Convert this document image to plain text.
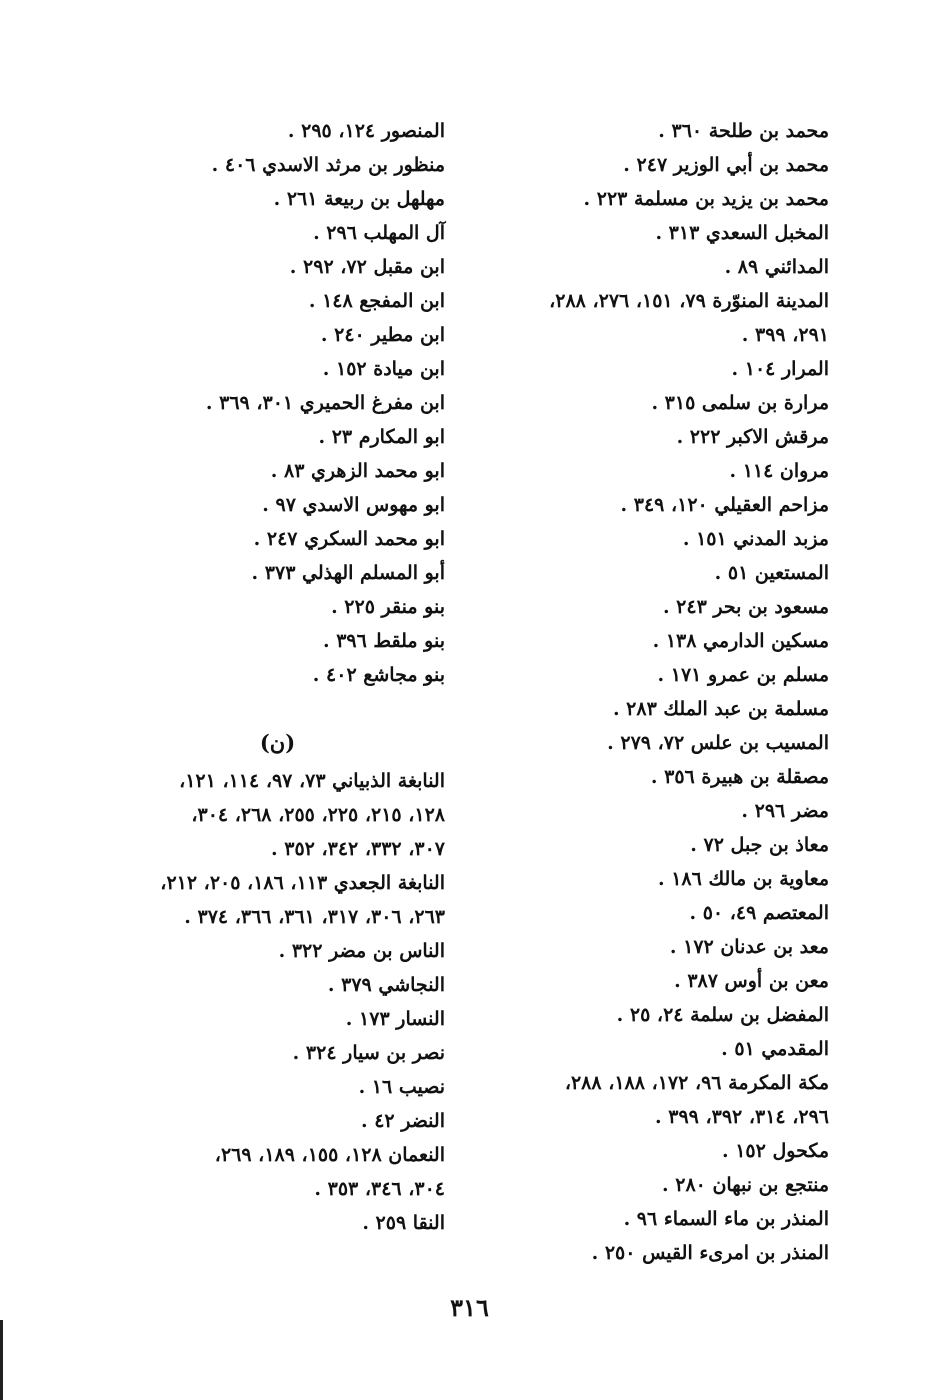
محمد بن طلحة ٣٦٠ .
محمد بن أبي الوزير ٢٤٧ .
محمد بن يزيد بن مسلمة ٢٢٣ .
المخبل السعدي ٣١٣ .
المدائني ٨٩ .
المدينة المنوّرة ٧٩، ١٥١، ٢٧٦، ٢٨٨،
٢٩١، ٣٩٩ .
المرار ١٠٤ .
مرارة بن سلمى ٣١٥ .
مرقش الاكبر ٢٢٢ .
مروان ١١٤ .
مزاحم العقيلي ١٢٠، ٣٤٩ .
مزبد المدني ١٥١ .
المستعين ٥١ .
مسعود بن بحر ٢٤٣ .
مسكين الدارمي ١٣٨ .
مسلم بن عمرو ١٧١ .
مسلمة بن عبد الملك ٢٨٣ .
المسيب بن علس ٧٢، ٢٧٩ .
مصقلة بن هبيرة ٣٥٦ .
مضر ٢٩٦ .
معاذ بن جبل ٧٢ .
معاوية بن مالك ١٨٦ .
المعتصم ٤٩، ٥٠ .
معد بن عدنان ١٧٢ .
معن بن أوس ٣٨٧ .
المفضل بن سلمة ٢٤، ٢٥ .
المقدمي ٥١ .
مكة المكرمة ٩٦، ١٧٢، ١٨٨، ٢٨٨،
٢٩٦، ٣١٤، ٣٩٢، ٣٩٩ .
مكحول ١٥٢ .
منتجع بن نبهان ٢٨٠ .
المنذر بن ماء السماء ٩٦ .
المنذر بن امرىء القيس ٢٥٠ .
المنصور ١٢٤، ٢٩٥ .
منظور بن مرثد الاسدي ٤٠٦ .
مهلهل بن ربيعة ٢٦١ .
آل المهلب ٢٩٦ .
ابن مقبل ٧٢، ٢٩٢ .
ابن المفجع ١٤٨ .
ابن مطير ٢٤٠ .
ابن ميادة ١٥٢ .
ابن مفرغ الحميري ٣٠١، ٣٦٩ .
ابو المكارم ٢٣ .
ابو محمد الزهري ٨٣ .
ابو مهوس الاسدي ٩٧ .
ابو محمد السكري ٢٤٧ .
أبو المسلم الهذلي ٣٧٣ .
بنو منقر ٢٢٥ .
بنو ملقط ٣٩٦ .
بنو مجاشع ٤٠٢ .
(ن)
النابغة الذبياني ٧٣، ٩٧، ١١٤، ١٢١،
١٢٨، ٢١٥، ٢٢٥، ٢٥٥، ٢٦٨، ٣٠٤،
٣٠٧، ٣٣٢، ٣٤٢، ٣٥٢ .
النابغة الجعدي ١١٣، ١٨٦، ٢٠٥، ٢١٢،
٢٦٣، ٣٠٦، ٣١٧، ٣٦١، ٣٦٦، ٣٧٤ .
الناس بن مضر ٣٢٢ .
النجاشي ٣٧٩ .
النسار ١٧٣ .
نصر بن سيار ٣٢٤ .
نصيب ١٦ .
النضر ٤٢ .
النعمان ١٢٨، ١٥٥، ١٨٩، ٢٦٩،
٣٠٤، ٣٤٦، ٣٥٣ .
النقا ٢٥٩ .
٣١٦
